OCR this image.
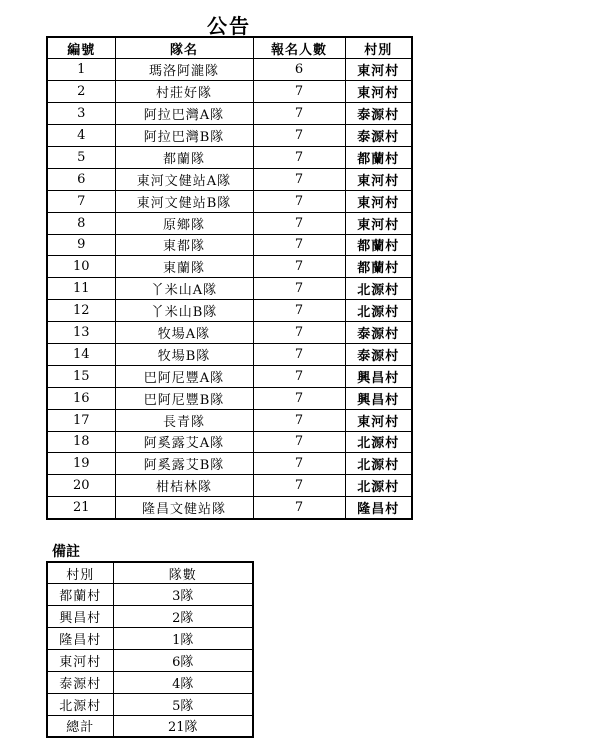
公告
編號	隊名	報名人數	村別
1	瑪洛阿瀧隊	6	東河村
2	村莊好隊	7	東河村
3	阿拉巴灣A隊	7	泰源村
4	阿拉巴灣B隊	7	泰源村
5	都蘭隊	7	都蘭村
6	東河文健站A隊	7	東河村
7	東河文健站B隊	7	東河村
8	原鄉隊	7	東河村
9	東都隊	7	都蘭村
10	東蘭隊	7	都蘭村
11	丫米山A隊	7	北源村
12	丫米山B隊	7	北源村
13	牧場A隊	7	泰源村
14	牧場B隊	7	泰源村
15	巴阿尼豐A隊	7	興昌村
16	巴阿尼豐B隊	7	興昌村
17	長青隊	7	東河村
18	阿奚露艾A隊	7	北源村
19	阿奚露艾B隊	7	北源村
20	柑桔林隊	7	北源村
21	隆昌文健站隊	7	隆昌村
備註
村別	隊數
都蘭村	3隊
興昌村	2隊
隆昌村	1隊
東河村	6隊
泰源村	4隊
北源村	5隊
總計	21隊
